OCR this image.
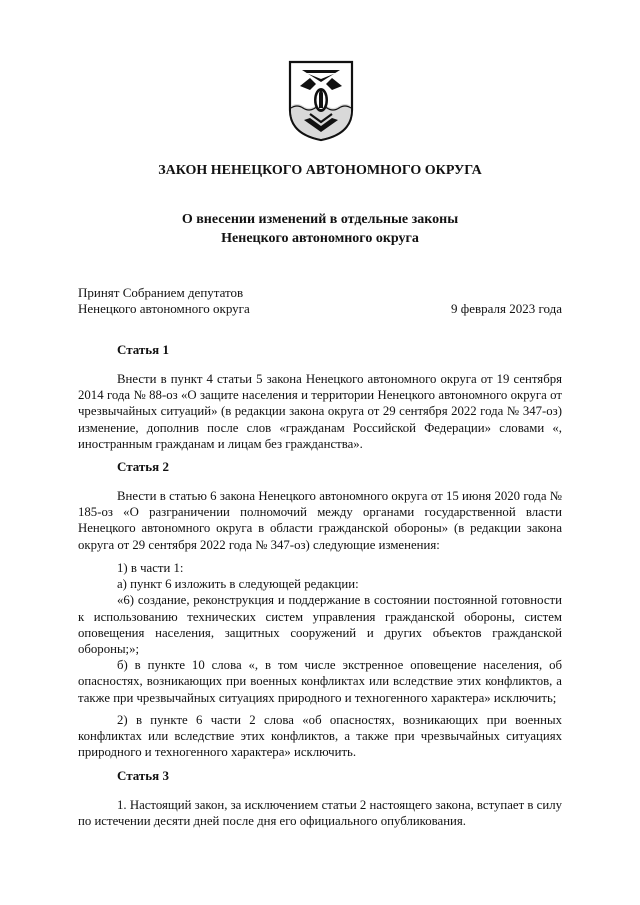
ЗАКОН НЕНЕЦКОГО АВТОНОМНОГО ОКРУГА
О внесении изменений в отдельные законы
Ненецкого автономного округа
Принят Собранием депутатов
Ненецкого автономного округа	9 февраля 2023 года
Статья 1

Внести в пункт 4 статьи 5 закона Ненецкого автономного округа от 19 сентября 2014 года № 88-оз «О защите населения и территории Ненецкого автономного округа от чрезвычайных ситуаций» (в редакции закона округа от 29 сентября 2022 года № 347-оз) изменение, дополнив после слов «гражданам Российской Федерации» словами «, иностранным гражданам и лицам без гражданства».

Статья 2

Внести в статью 6 закона Ненецкого автономного округа от 15 июня 2020 года № 185-оз «О разграничении полномочий между органами государственной власти Ненецкого автономного округа в области гражданской обороны» (в редакции закона округа от 29 сентября 2022 года № 347-оз) следующие изменения:

1) в части 1:

а) пункт 6 изложить в следующей редакции:

«6) создание, реконструкция и поддержание в состоянии постоянной готовности к использованию технических систем управления гражданской обороны, систем оповещения населения, защитных сооружений и других объектов гражданской обороны;»;

б) в пункте 10 слова «, в том числе экстренное оповещение населения, об опасностях, возникающих при военных конфликтах или вследствие этих конфликтов, а также при чрезвычайных ситуациях природного и техногенного характера» исключить;

2) в пункте 6 части 2 слова «об опасностях, возникающих при военных конфликтах или вследствие этих конфликтов, а также при чрезвычайных ситуациях природного и техногенного характера» исключить.

Статья 3

1. Настоящий закон, за исключением статьи 2 настоящего закона, вступает в силу по истечении десяти дней после дня его официального опубликования.
